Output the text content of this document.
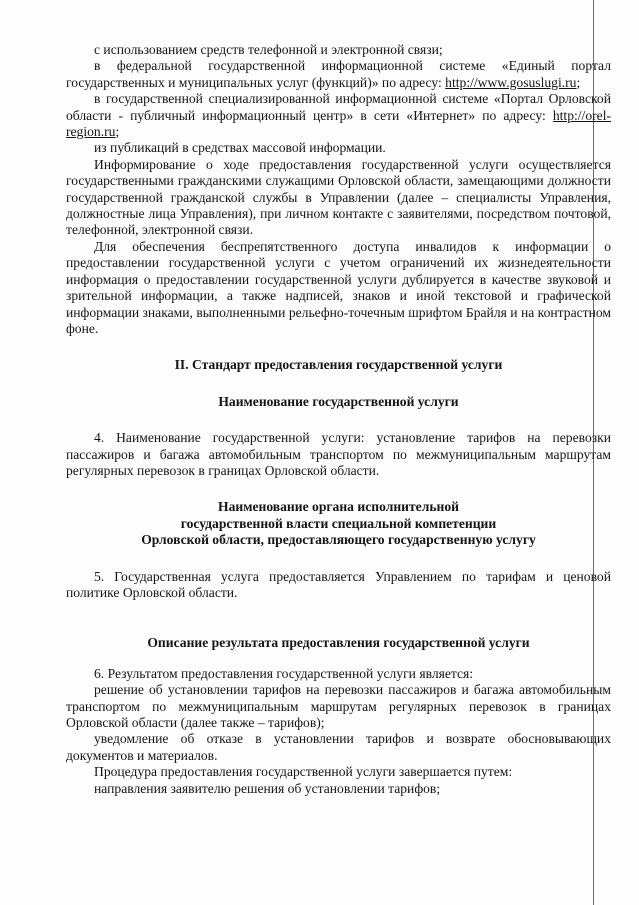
с использованием средств телефонной и электронной связи;

в федеральной государственной информационной системе «Единый портал государственных и муниципальных услуг (функций)» по адресу: http://www.gosuslugi.ru;

в государственной специализированной информационной системе «Портал Орловской области - публичный информационный центр» в сети «Интернет» по адресу: http://orel-region.ru;

из публикаций в средствах массовой информации.

Информирование о ходе предоставления государственной услуги осуществляется государственными гражданскими служащими Орловской области, замещающими должности государственной гражданской службы в Управлении (далее – специалисты Управления, должностные лица Управления), при личном контакте с заявителями, посредством почтовой, телефонной, электронной связи.

Для обеспечения беспрепятственного доступа инвалидов к информации о предоставлении государственной услуги с учетом ограничений их жизнедеятельности информация о предоставлении государственной услуги дублируется в качестве звуковой и зрительной информации, а также надписей, знаков и иной текстовой и графической информации знаками, выполненными рельефно-точечным шрифтом Брайля и на контрастном фоне.

II. Стандарт предоставления государственной услуги

Наименование государственной услуги

4. Наименование государственной услуги: установление тарифов на перевозки пассажиров и багажа автомобильным транспортом по межмуниципальным маршрутам регулярных перевозок в границах Орловской области.

Наименование органа исполнительной

государственной власти специальной компетенции

Орловской области, предоставляющего государственную услугу

5. Государственная услуга предоставляется Управлением по тарифам и ценовой политике Орловской области.

Описание результата предоставления государственной услуги

6. Результатом предоставления государственной услуги является:

решение об установлении тарифов на перевозки пассажиров и багажа автомобильным транспортом по межмуниципальным маршрутам регулярных перевозок в границах Орловской области (далее также – тарифов);

уведомление об отказе в установлении тарифов и возврате обосновывающих документов и материалов.

Процедура предоставления государственной услуги завершается путем:

направления заявителю решения об установлении тарифов;
